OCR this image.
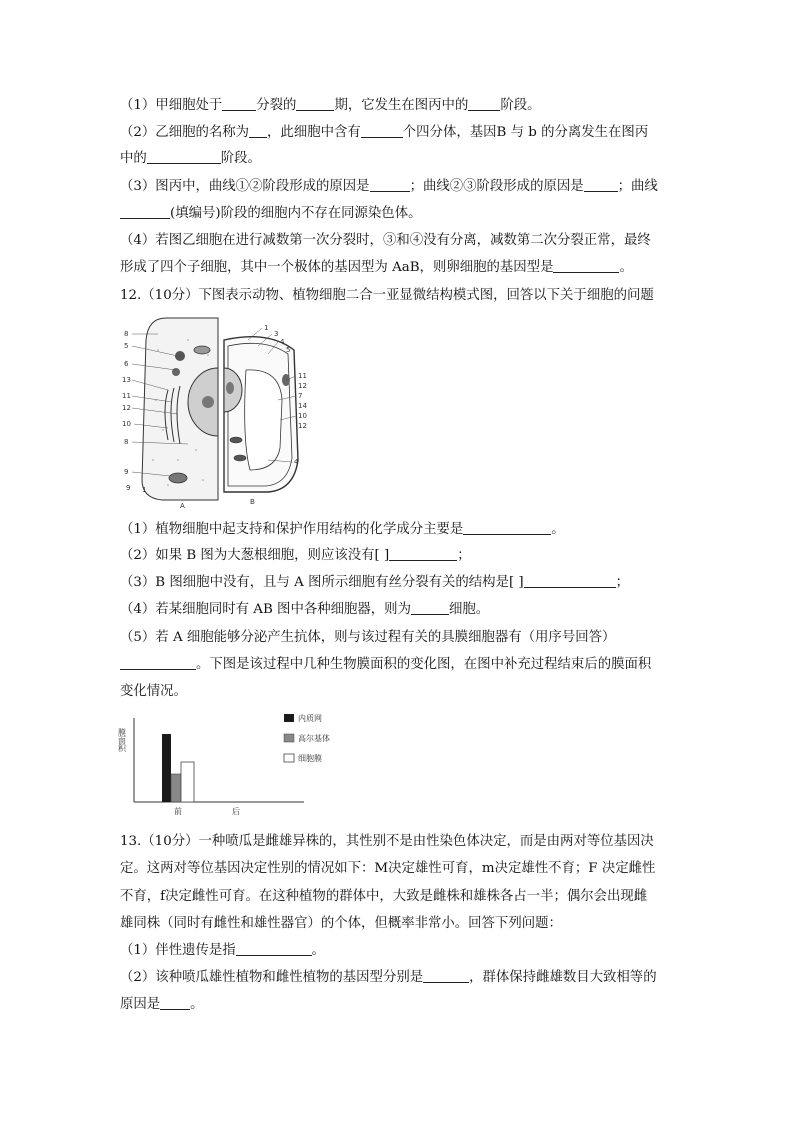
（1）甲细胞处于	分裂的	期，它发生在图丙中的 阶段。
（2）乙细胞的名称为 ，此细胞中含有	个四分体，基因B 与 b 的分离发生在图丙
中的	阶段。
（3）图丙中，曲线①②阶段形成的原因是	；曲线②③阶段形成的原因是	；曲线
(填编号)阶段的细胞内不存在同源染色体。
（4）若图乙细胞在进行减数第一次分裂时，③和④没有分离，减数第二次分裂正常，最终
形成了四个子细胞，其中一个极体的基因型为 AaB，则卵细胞的基因型是	。
12.（10分）下图表示动物、植物细胞二合一亚显微结构模式图，回答以下关于细胞的问题
8
5
6
13
11
12
10
8
9
9 1
1
3
4
5
11
12
7
14
10
12
4
A	B
（1）植物细胞中起支持和保护作用结构的化学成分主要是	。
（2）如果 B 图为大葱根细胞，则应该没有[ ]	；
（3）B 图细胞中没有，且与 A 图所示细胞有丝分裂有关的结构是[ ]	；
（4）若某细胞同时有 AB 图中各种细胞器，则为	细胞。
（5）若 A 细胞能够分泌产生抗体，则与该过程有关的具膜细胞器有（用序号回答）
。下图是该过程中几种生物膜面积的变化图，在图中补充过程结束后的膜面积
变化情况。
膜面积
前	后
内质网
高尔基体
细胞膜
13.（10分）一种喷瓜是雌雄异株的，其性别不是由性染色体决定，而是由两对等位基因决
定。这两对等位基因决定性别的情况如下：M决定雄性可育，m决定雄性不育；F 决定雌性
不育，f决定雌性可育。在这种植物的群体中，大致是雌株和雄株各占一半；偶尔会出现雌
雄同株（同时有雌性和雄性器官）的个体，但概率非常小。回答下列问题：
（1）伴性遗传是指	。
（2）该种喷瓜雄性植物和雌性植物的基因型分别是	，群体保持雌雄数目大致相等的
原因是 。
